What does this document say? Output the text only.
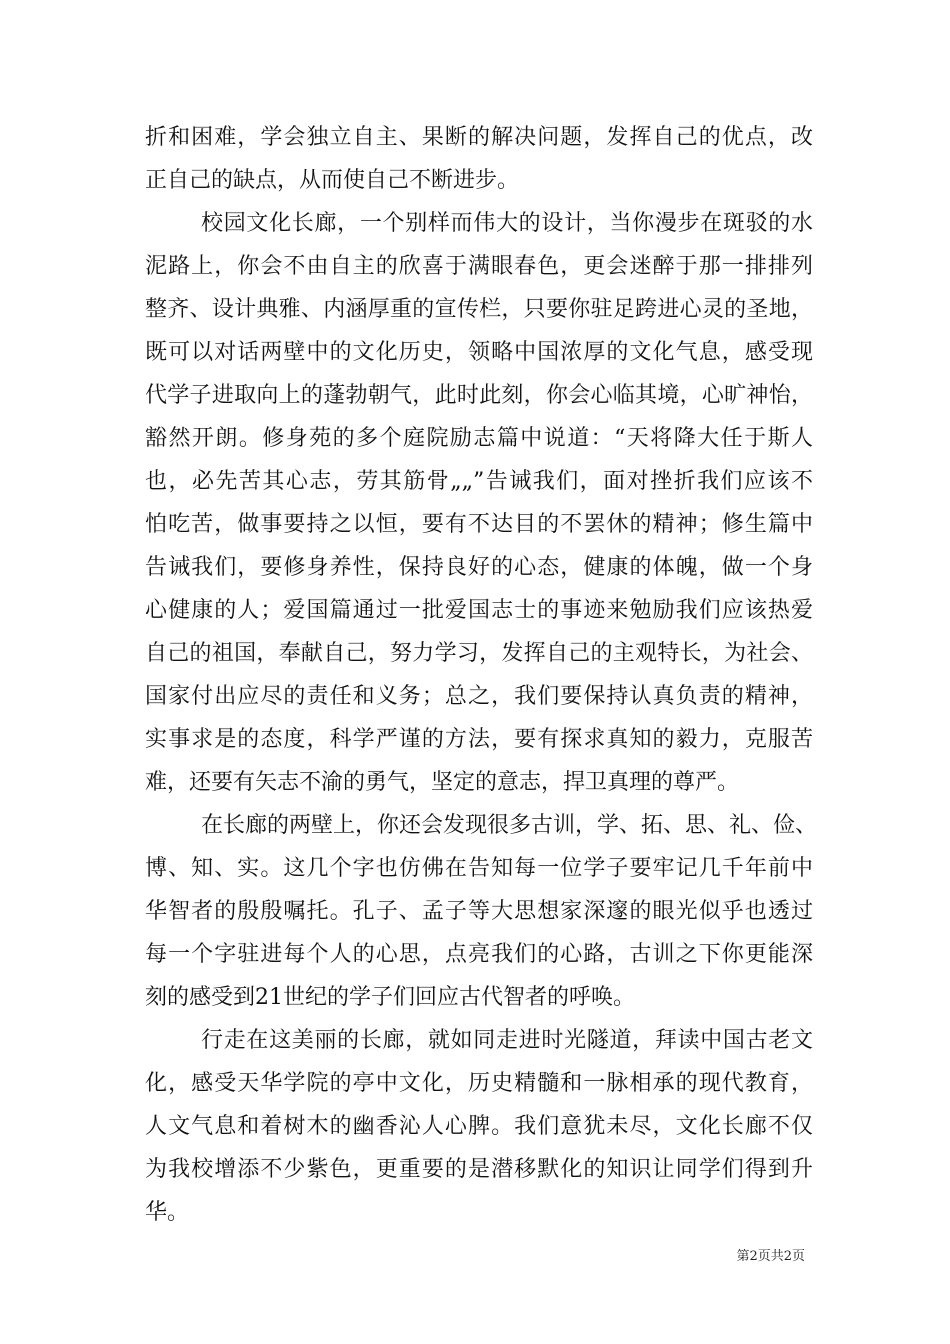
折和困难，学会独立自主、果断的解决问题，发挥自己的优点，改
正自己的缺点，从而使自己不断进步。
校园文化长廊，一个别样而伟大的设计，当你漫步在斑驳的水
泥路上，你会不由自主的欣喜于满眼春色，更会迷醉于那一排排列
整齐、设计典雅、内涵厚重的宣传栏，只要你驻足跨进心灵的圣地，
既可以对话两壁中的文化历史，领略中国浓厚的文化气息，感受现
代学子进取向上的蓬勃朝气，此时此刻，你会心临其境，心旷神怡，
豁然开朗。修身苑的多个庭院励志篇中说道：“天将降大任于斯人
也，必先苦其心志，劳其筋骨„„”告诫我们，面对挫折我们应该不
怕吃苦，做事要持之以恒，要有不达目的不罢休的精神；修生篇中
告诫我们，要修身养性，保持良好的心态，健康的体魄，做一个身
心健康的人；爱国篇通过一批爱国志士的事迹来勉励我们应该热爱
自己的祖国，奉献自己，努力学习，发挥自己的主观特长，为社会、
国家付出应尽的责任和义务；总之，我们要保持认真负责的精神，
实事求是的态度，科学严谨的方法，要有探求真知的毅力，克服苦
难，还要有矢志不渝的勇气，坚定的意志，捍卫真理的尊严。
在长廊的两壁上，你还会发现很多古训，学、拓、思、礼、俭、
博、知、实。这几个字也仿佛在告知每一位学子要牢记几千年前中
华智者的殷殷嘱托。孔子、孟子等大思想家深邃的眼光似乎也透过
每一个字驻进每个人的心思，点亮我们的心路，古训之下你更能深
刻的感受到21世纪的学子们回应古代智者的呼唤。
行走在这美丽的长廊，就如同走进时光隧道，拜读中国古老文
化，感受天华学院的亭中文化，历史精髓和一脉相承的现代教育，
人文气息和着树木的幽香沁人心脾。我们意犹未尽，文化长廊不仅
为我校增添不少紫色，更重要的是潜移默化的知识让同学们得到升
华。
第2页共2页
